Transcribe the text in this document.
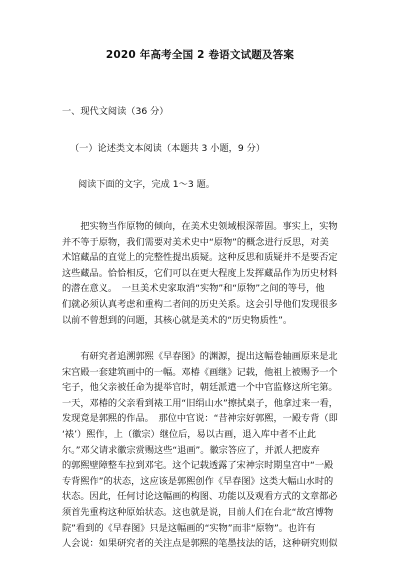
2020 年高考全国 2 卷语文试题及答案
一、现代文阅读（36 分）
（一）论述类文本阅读（本题共 3 小题，9 分）
阅读下面的文字，完成 1～3 题。
　　把实物当作原物的倾向，在美术史领域根深蒂固。事实上，实物
并不等于原物，我们需要对美术史中“原物”的概念进行反思，对美
术馆藏品的直觉上的完整性提出质疑。这种反思和质疑并不是要否定
这些藏品。恰恰相反，它们可以在更大程度上发挥藏品作为历史材料
的潜在意义。　一旦美术史家取消“实物”和“原物”之间的等号，他
们就必须认真考虑和重构二者间的历史关系。这会引导他们发现很多
以前不曾想到的问题，其核心就是美术的“历史物质性”。
　　有研究者追溯郭熙《早春图》的渊源，提出这幅卷轴画原来是北
宋宫殿一套建筑画中的一幅。邓椿《画继》记载，他祖上被赐予一个
宅子，他父亲被任命为提举官时，朝廷派遣一个中官监修这所宅第。
一天，邓椿的父亲看到裱工用“旧绢山水”擦拭桌子，他拿过来一看，
发现竟是郭熙的作品。　那位中官说：“昔神宗好郭熙，一殿专背（即
‘裱’）熙作，上（徽宗）继位后，易以古画，退入库中者不止此
尔。”邓父请求徽宗赏赐这些“退画”。徽宗答应了，并派人把废弃
的郭熙壁障整车拉到邓宅。这个记载透露了宋神宗时期皇宫中“一殿
专背熙作”的状态，这应该是郭熙创作《早春图》这类大幅山水时的
状态。因此，任何讨论这幅画的构图、功能以及观看方式的文章都必
须首先重构这种原始状态。这也就是说，目前人们在台北“故宫博物
院”看到的《早春图》只是这幅画的“实物”而非“原物”。也许有
人会说：如果研究者的关注点是郭熙的笔墨技法的话，这种研究则似
